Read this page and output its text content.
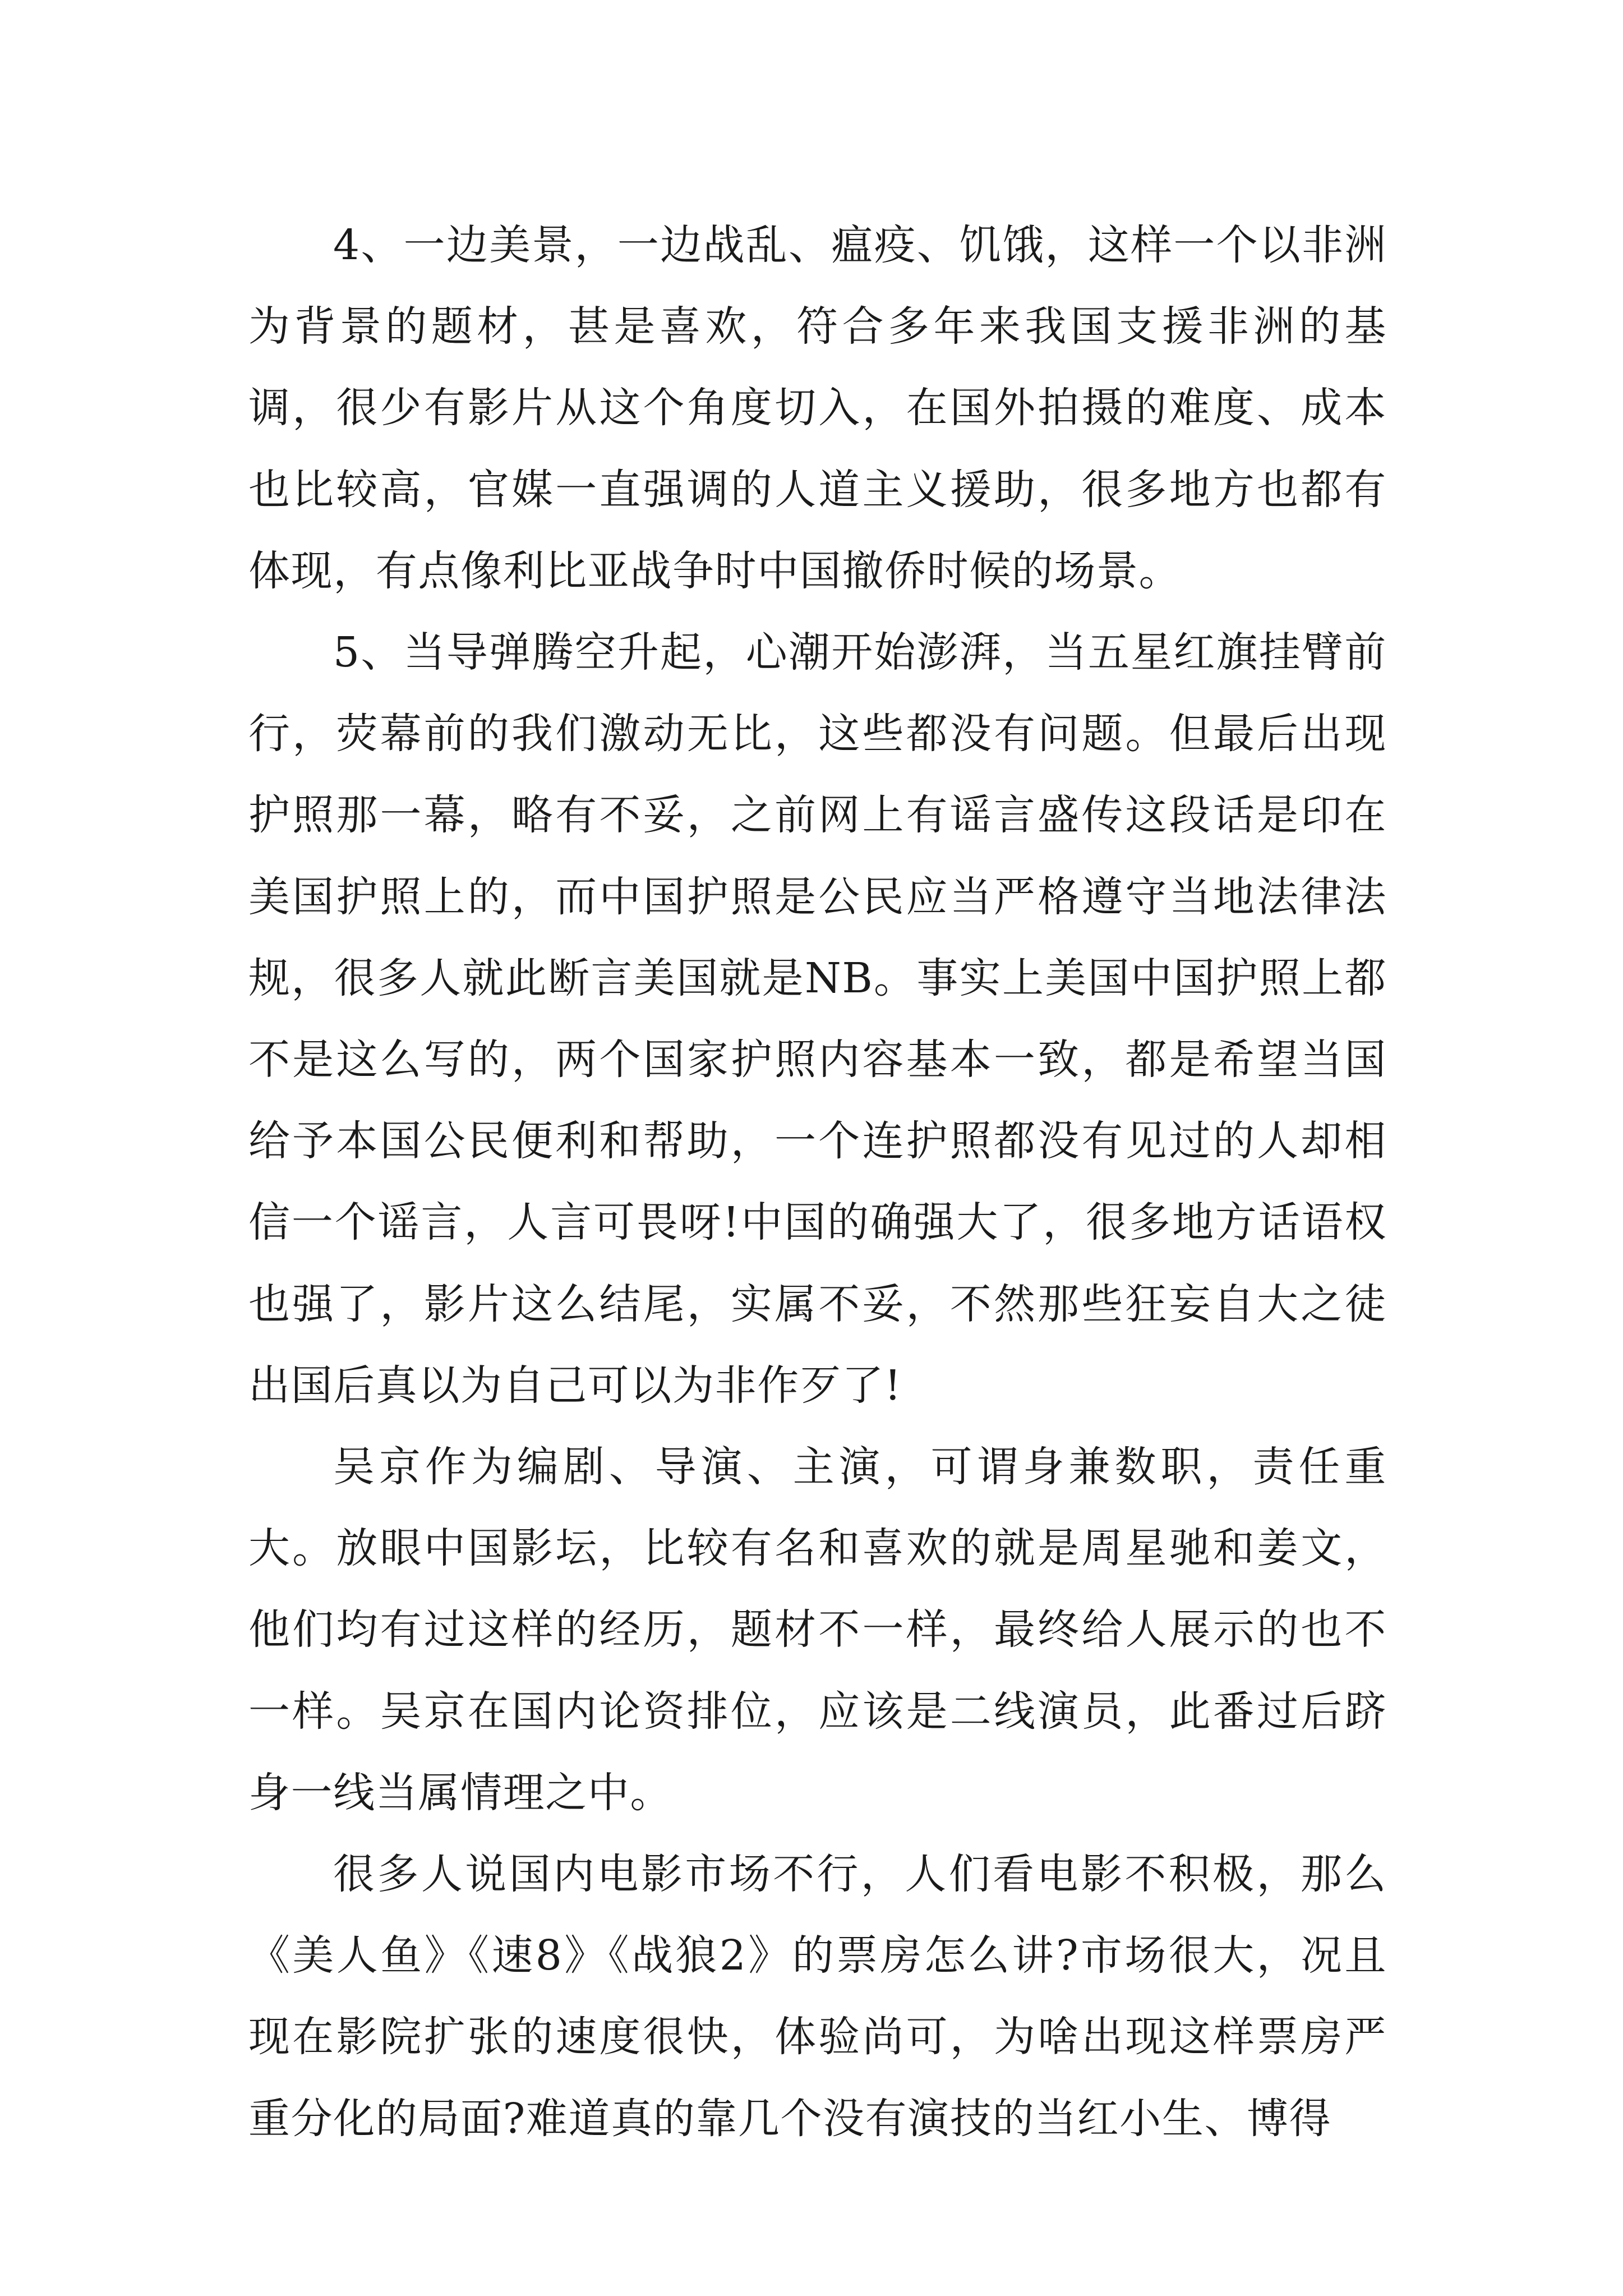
4、一边美景，一边战乱、瘟疫、饥饿，这样一个以非洲为背景的题材，甚是喜欢，符合多年来我国支援非洲的基调，很少有影片从这个角度切入，在国外拍摄的难度、成本也比较高，官媒一直强调的人道主义援助，很多地方也都有体现，有点像利比亚战争时中国撤侨时候的场景。

5、当导弹腾空升起，心潮开始澎湃，当五星红旗挂臂前行，荧幕前的我们激动无比，这些都没有问题。但最后出现护照那一幕，略有不妥，之前网上有谣言盛传这段话是印在美国护照上的，而中国护照是公民应当严格遵守当地法律法规，很多人就此断言美国就是NB。事实上美国中国护照上都不是这么写的，两个国家护照内容基本一致，都是希望当国给予本国公民便利和帮助，一个连护照都没有见过的人却相信一个谣言，人言可畏呀!中国的确强大了，很多地方话语权也强了，影片这么结尾，实属不妥，不然那些狂妄自大之徒出国后真以为自己可以为非作歹了!

吴京作为编剧、导演、主演，可谓身兼数职，责任重大。放眼中国影坛，比较有名和喜欢的就是周星驰和姜文，他们均有过这样的经历，题材不一样，最终给人展示的也不一样。吴京在国内论资排位，应该是二线演员，此番过后跻身一线当属情理之中。

很多人说国内电影市场不行，人们看电影不积极，那么《美人鱼》《速8》《战狼2》的票房怎么讲?市场很大，况且现在影院扩张的速度很快，体验尚可，为啥出现这样票房严重分化的局面?难道真的靠几个没有演技的当红小生、博得
